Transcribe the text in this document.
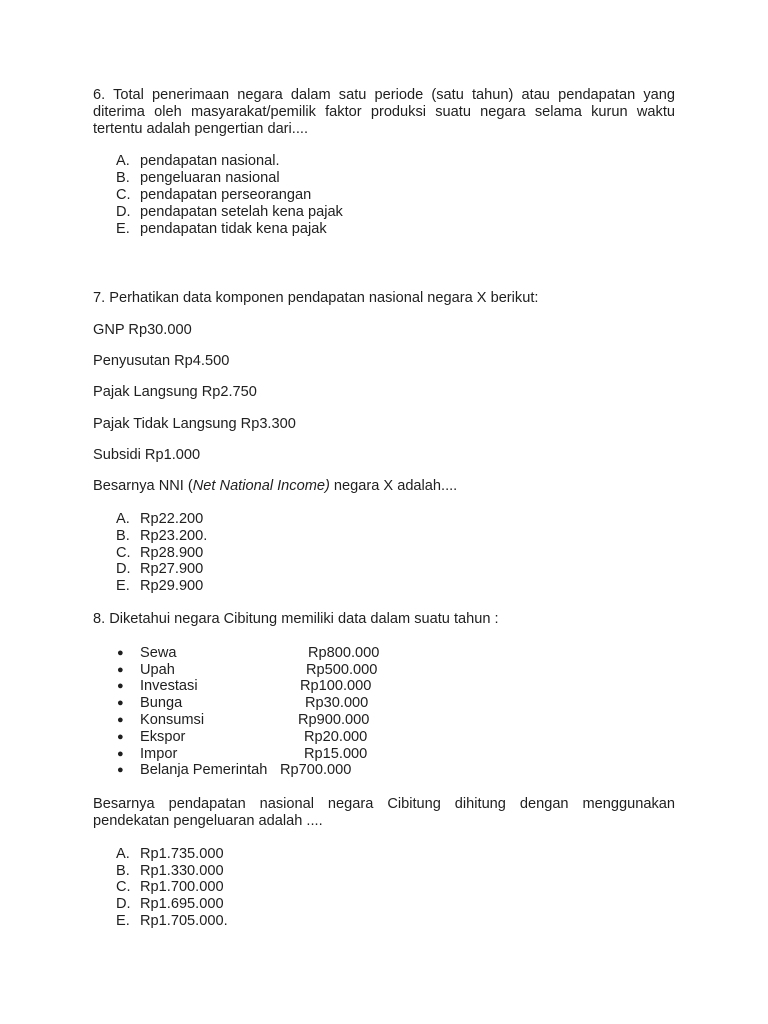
6. Total penerimaan negara dalam satu periode (satu tahun) atau pendapatan yang diterima oleh masyarakat/pemilik faktor produksi suatu negara selama kurun waktu tertentu adalah pengertian dari....

A. pendapatan nasional.
B. pengeluaran nasional
C. pendapatan perseorangan
D. pendapatan setelah kena pajak
E. pendapatan tidak kena pajak

7. Perhatikan data komponen pendapatan nasional negara X berikut:

GNP Rp30.000

Penyusutan Rp4.500

Pajak Langsung Rp2.750

Pajak Tidak Langsung Rp3.300

Subsidi Rp1.000

Besarnya NNI (Net National Income) negara X adalah....

A. Rp22.200
B. Rp23.200.
C. Rp28.900
D. Rp27.900
E. Rp29.900

8. Diketahui negara Cibitung memiliki data dalam suatu tahun :

● Sewa	Rp800.000
● Upah	Rp500.000
● Investasi	Rp100.000
● Bunga	Rp30.000
● Konsumsi	Rp900.000
● Ekspor	Rp20.000
● Impor	Rp15.000
● Belanja Pemerintah Rp700.000

Besarnya pendapatan nasional negara Cibitung dihitung dengan menggunakan pendekatan pengeluaran adalah ....

A. Rp1.735.000
B. Rp1.330.000
C. Rp1.700.000
D. Rp1.695.000
E. Rp1.705.000.
